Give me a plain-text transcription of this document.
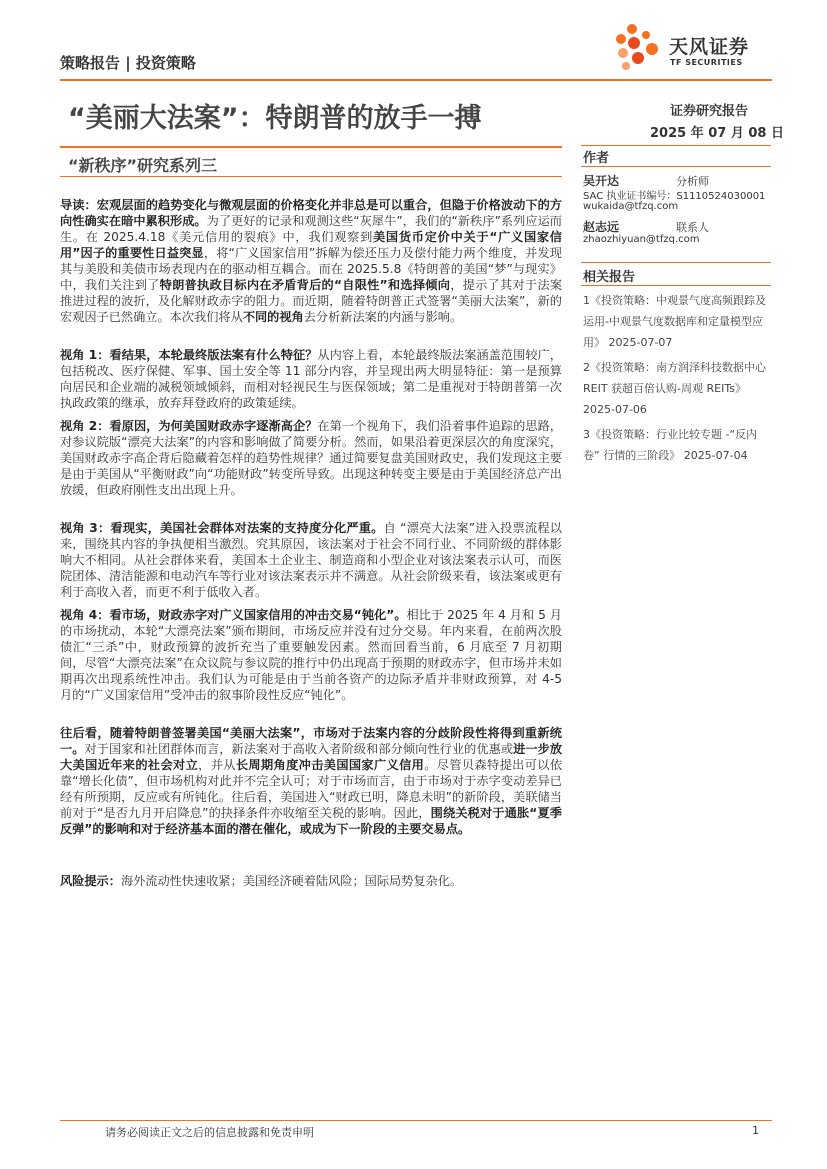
策略报告 | 投资策略
天风证券
TF SECURITIES
“美丽大法案”：特朗普的放手一搏
“新秩序”研究系列三
证券研究报告
2025 年 07 月 08 日
作者
吴开达	分析师
SAC 执业证书编号：S1110524030001
wukaida@tfzq.com
赵志远	联系人
zhaozhiyuan@tfzq.com
相关报告
1《投资策略：中观景气度高频跟踪及运用-中观景气度数据库和定量模型应用》 2025-07-07
2《投资策略：南方润泽科技数据中心 REIT 获超百倍认购-周观 REITs》 2025-07-06
3《投资策略：行业比较专题 -“反内卷” 行情的三阶段》 2025-07-04

导读：宏观层面的趋势变化与微观层面的价格变化并非总是可以重合，但隐于价格波动下的方向性确实在暗中累积形成。为了更好的记录和观测这些“灰犀牛”，我们的“新秩序”系列应运而生。在 2025.4.18《美元信用的裂痕》中，我们观察到美国货币定价中关于“广义国家信用”因子的重要性日益突显，将“广义国家信用”拆解为偿还压力及偿付能力两个维度，并发现其与美股和美债市场表现内在的驱动相互耦合。而在 2025.5.8《特朗普的美国“梦”与现实》中，我们关注到了特朗普执政目标内在矛盾背后的“自限性”和选择倾向，提示了其对于法案推进过程的波折，及化解财政赤字的阻力。而近期，随着特朗普正式签署“美丽大法案”，新的宏观因子已然确立。本次我们将从不同的视角去分析新法案的内涵与影响。

视角 1：看结果，本轮最终版法案有什么特征？从内容上看，本轮最终版法案涵盖范围较广，包括税改、医疗保健、军事、国土安全等 11 部分内容，并呈现出两大明显特征：第一是预算向居民和企业端的减税领域倾斜，而相对轻视民生与医保领域；第二是重视对于特朗普第一次执政政策的继承，放弃拜登政府的政策延续。

视角 2：看原因，为何美国财政赤字逐渐高企？在第一个视角下，我们沿着事件追踪的思路，对参议院版“漂亮大法案”的内容和影响做了简要分析。然而，如果沿着更深层次的角度深究，美国财政赤字高企背后隐藏着怎样的趋势性规律？通过简要复盘美国财政史，我们发现这主要是由于美国从“平衡财政”向“功能财政”转变所导致。出现这种转变主要是由于美国经济总产出放缓，但政府刚性支出出现上升。

视角 3：看现实，美国社会群体对法案的支持度分化严重。自 “漂亮大法案”进入投票流程以来，围绕其内容的争执便相当激烈。究其原因，该法案对于社会不同行业、不同阶级的群体影响大不相同。从社会群体来看，美国本土企业主、制造商和小型企业对该法案表示认可，而医院团体、清洁能源和电动汽车等行业对该法案表示并不满意。从社会阶级来看，该法案或更有利于高收入者，而更不利于低收入者。

视角 4：看市场，财政赤字对广义国家信用的冲击交易“钝化”。相比于 2025 年 4 月和 5 月的市场扰动，本轮“大漂亮法案”颁布期间，市场反应并没有过分交易。年内来看，在前两次股债汇“三杀”中，财政预算的波折充当了重要触发因素。然而回看当前，6 月底至 7 月初期间，尽管“大漂亮法案”在众议院与参议院的推行中仍出现高于预期的财政赤字，但市场并未如期再次出现系统性冲击。我们认为可能是由于当前各资产的边际矛盾并非财政预算，对 4-5 月的“广义国家信用”受冲击的叙事阶段性反应“钝化”。

往后看，随着特朗普签署美国“美丽大法案”，市场对于法案内容的分歧阶段性将得到重新统一。对于国家和社团群体而言，新法案对于高收入者阶级和部分倾向性行业的优惠或进一步放大美国近年来的社会对立，并从长周期角度冲击美国国家广义信用。尽管贝森特提出可以依靠“增长化债”，但市场机构对此并不完全认可；对于市场而言，由于市场对于赤字变动差异已经有所预期，反应或有所钝化。往后看，美国进入“财政已明，降息未明”的新阶段，美联储当前对于“是否九月开启降息”的抉择条件亦收缩至关税的影响。因此，围绕关税对于通胀“夏季反弹”的影响和对于经济基本面的潜在催化，或成为下一阶段的主要交易点。

风险提示：海外流动性快速收紧；美国经济硬着陆风险；国际局势复杂化。

请务必阅读正文之后的信息披露和免责申明	1
